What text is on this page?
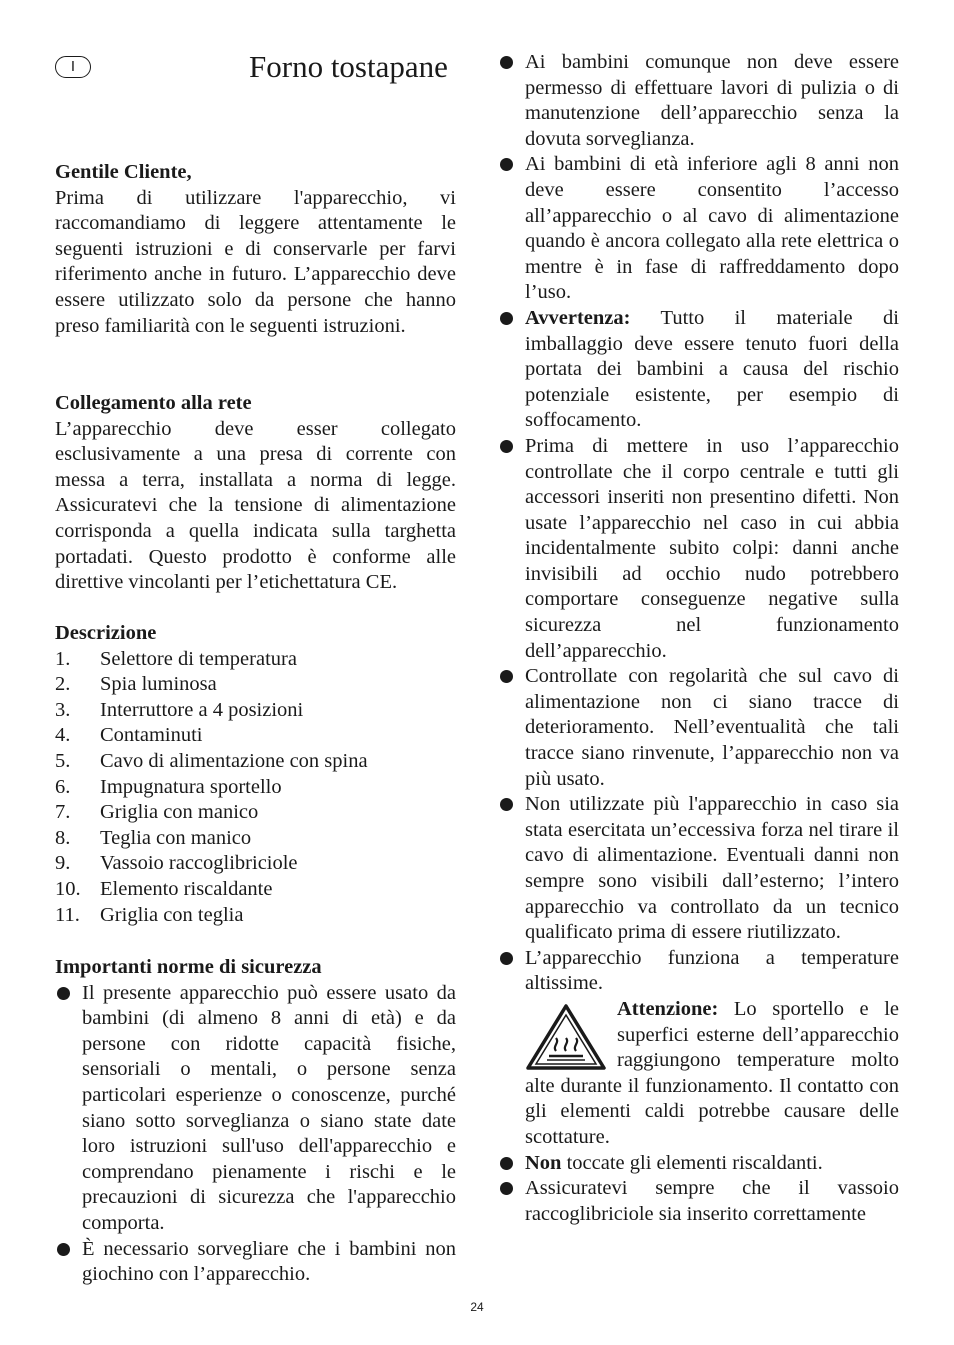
I	Forno tostapane
Gentile Cliente,

Prima di utilizzare l'apparecchio, vi raccomandiamo di leggere attentamente le seguenti istruzioni e di conservarle per farvi riferimento anche in futuro. L’apparecchio deve essere utilizzato solo da persone che hanno preso familiarità con le seguenti istruzioni.

Collegamento alla rete

L’apparecchio deve esser collegato esclusivamente a una presa di corrente con messa a terra, installata a norma di legge. Assicuratevi che la tensione di alimentazione corrisponda a quella indicata sulla targhetta portadati. Questo prodotto è conforme alle direttive vincolanti per l’etichettatura CE.

Descrizione
1.	Selettore di temperatura
2.	Spia luminosa
3.	Interruttore a 4 posizioni
4.	Contaminuti
5.	Cavo di alimentazione con spina
6.	Impugnatura sportello
7.	Griglia con manico
8.	Teglia con manico
9.	Vassoio raccoglibriciole
10. Elemento riscaldante
11. Griglia con teglia
Importanti norme di sicurezza
Il presente apparecchio può essere usato da bambini (di almeno 8 anni di età) e da persone con ridotte capacità fisiche, sensoriali o mentali, o persone senza particolari esperienze o conoscenze, purché siano sotto sorveglianza o siano state date loro istruzioni sull'uso dell'apparecchio e comprendano pienamente i rischi e le precauzioni di sicurezza che l'apparecchio comporta.
È necessario sorvegliare che i bambini non giochino con l’apparecchio.
Ai bambini comunque non deve essere permesso di effettuare lavori di pulizia o di manutenzione dell’apparecchio senza la dovuta sorveglianza.
Ai bambini di età inferiore agli 8 anni non deve essere consentito l’accesso all’apparecchio o al cavo di alimentazione quando è ancora collegato alla rete elettrica o mentre è in fase di raffreddamento dopo l’uso.
Avvertenza: Tutto il materiale di imballaggio deve essere tenuto fuori della portata dei bambini a causa del rischio potenziale esistente, per esempio di soffocamento.
Prima di mettere in uso l’apparecchio controllate che il corpo centrale e tutti gli accessori inseriti non presentino difetti. Non usate l’apparecchio nel caso in cui abbia incidentalmente subito colpi: danni anche invisibili ad occhio nudo potrebbero comportare conseguenze negative sulla sicurezza nel funzionamento dell’apparecchio.
Controllate con regolarità che sul cavo di alimentazione non ci siano tracce di deterioramento. Nell’eventualità che tali tracce siano rinvenute, l’apparecchio non va più usato.
Non utilizzate più l'apparecchio in caso sia stata esercitata un’eccessiva forza nel tirare il cavo di alimentazione. Eventuali danni non sempre sono visibili dall’esterno; l’intero apparecchio va controllato da un tecnico qualificato prima di essere riutilizzato.
L’apparecchio funziona a temperature altissime.
Attenzione: Lo sportello e le superfici esterne dell’apparecchio raggiungono temperature molto alte durante il funzionamento. Il contatto con gli elementi caldi potrebbe causare delle scottature.
Non toccate gli elementi riscaldanti.
Assicuratevi sempre che il vassoio raccoglibriciole sia inserito correttamente
24
